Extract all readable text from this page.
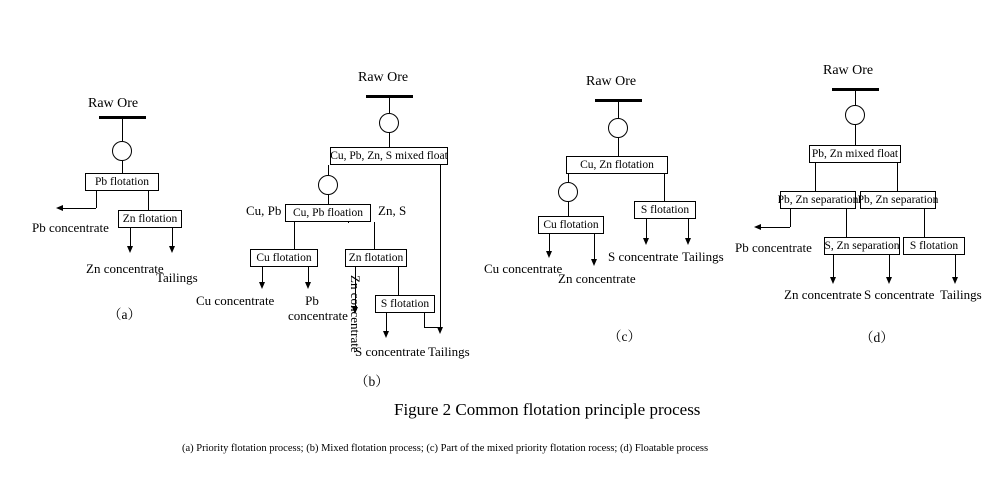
Raw Ore
Pb flotation
Pb concentrate
Zn flotation
Zn concentrate
Tailings
（a）
Raw Ore
Cu, Pb, Zn, S mixed float
Tailings
Cu, Pb floation
Cu, Pb	Zn, S
Cu flotation
Cu concentrate	Pb concentrate
Zn flotation
Zn concentrate	S flotation
S concentrate
（b）
Raw Ore
Cu, Zn flotation
Cu flotation
Cu concentrate
Zn concentrate
S flotation
S concentrate Tailings
（c）
Raw Ore
Pb, Zn mixed float
Pb, Zn separation Pb, Zn separation
Pb concentrate S, Zn separation S flotation
Zn concentrate S concentrate Tailings
（d）
Figure 2 Common flotation principle process
(a) Priority flotation process; (b) Mixed flotation process; (c) Part of the mixed priority flotation rocess; (d) Floatable process
